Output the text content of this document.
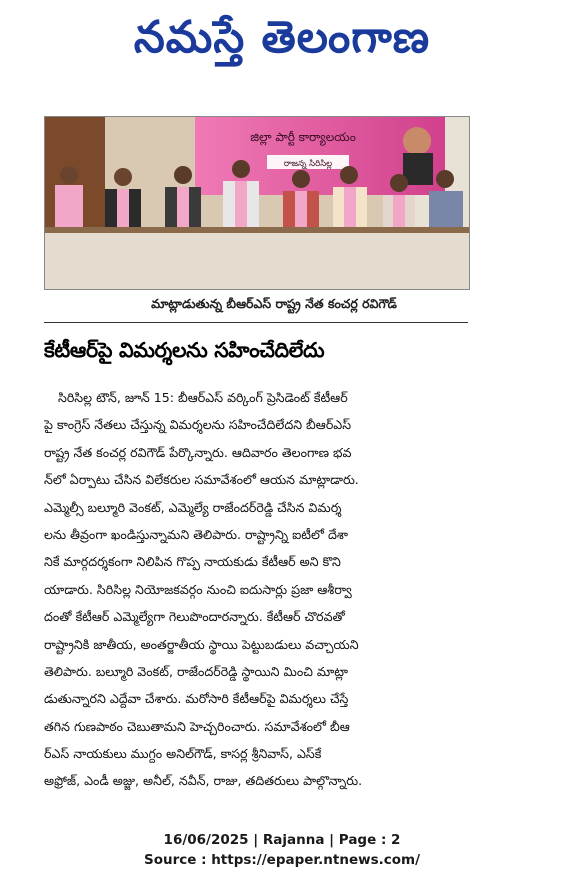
నమస్తే తెలంగాణ
జిల్లా పార్టీ కార్యాలయం
రాజన్న సిరిసిల్ల
మాట్లాడుతున్న బీఆర్ఎస్ రాష్ట్ర నేత కంచర్ల రవిగౌడ్
కేటీఆర్‌పై విమర్శలను సహించేదిలేదు
సిరిసిల్ల టౌన్, జూన్ 15: బీఆర్ఎస్ వర్కింగ్ ప్రెసిడెంట్ కేటీఆర్
పై కాంగ్రెస్ నేతలు చేస్తున్న విమర్శలను సహించేదిలేదని బీఆర్ఎస్
రాష్ట్ర నేత కంచర్ల రవిగౌడ్ పేర్కొన్నారు. ఆదివారం తెలంగాణ భవ
న్‌లో ఏర్పాటు చేసిన విలేకరుల సమావేశంలో ఆయన మాట్లాడారు.
ఎమ్మెల్సీ బల్మూరి వెంకట్, ఎమ్మెల్యే రాజేందర్‌రెడ్డి చేసిన విమర్శ
లను తీవ్రంగా ఖండిస్తున్నామని తెలిపారు. రాష్ట్రాన్ని ఐటీలో దేశా
నికే మార్గదర్శకంగా నిలిపిన గొప్ప నాయకుడు కేటీఆర్ అని కొని
యాడారు. సిరిసిల్ల నియోజకవర్గం నుంచి ఐదుసార్లు ప్రజా ఆశీర్వా
దంతో కేటీఆర్ ఎమ్మెల్యేగా గెలుపొందారన్నారు. కేటీఆర్ చొరవతో
రాష్ట్రానికి జాతీయ, అంతర్జాతీయ స్థాయి పెట్టుబడులు వచ్చాయని
తెలిపారు. బల్మూరి వెంకట్, రాజేందర్‌రెడ్డి స్థాయిని మించి మాట్లా
డుతున్నారని ఎద్దేవా చేశారు. మరోసారి కేటీఆర్‌పై విమర్శలు చేస్తే
తగిన గుణపాఠం చెబుతామని హెచ్చరించారు. సమావేశంలో బీఆ
ర్ఎస్ నాయకులు ముగ్దం అనిల్‌గౌడ్, కాసర్ల శ్రీనివాస్, ఎస్‌కే
అఫ్రోజ్, ఎండీ అజ్జు, అనీల్, నవీన్, రాజు, తదితరులు పాల్గొన్నారు.
16/06/2025 | Rajanna | Page : 2
Source : https://epaper.ntnews.com/
